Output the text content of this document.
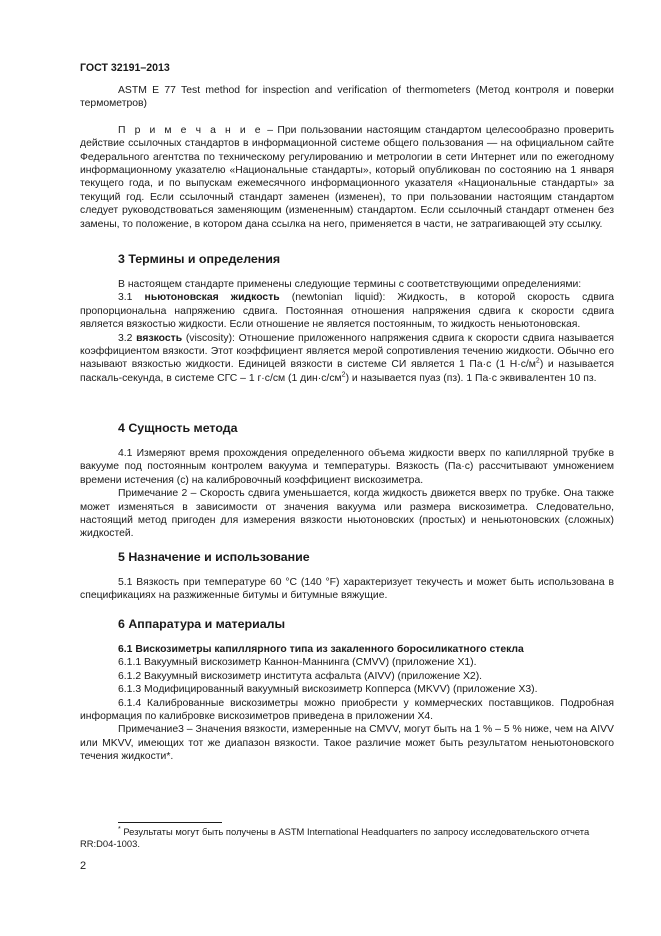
ГОСТ 32191–2013

ASTM E 77 Test method for inspection and verification of thermometers (Метод контроля и поверки термометров)

П р и м е ч а н и е – При пользовании настоящим стандартом целесообразно проверить действие ссылочных стандартов в информационной системе общего пользования — на официальном сайте Федерального агентства по техническому регулированию и метрологии в сети Интернет или по ежегодному информационному указателю «Национальные стандарты», который опубликован по состоянию на 1 января текущего года, и по выпускам ежемесячного информационного указателя «Национальные стандарты» за текущий год. Если ссылочный стандарт заменен (изменен), то при пользовании настоящим стандартом следует руководствоваться заменяющим (измененным) стандартом. Если ссылочный стандарт отменен без замены, то положение, в котором дана ссылка на него, применяется в части, не затрагивающей эту ссылку.

3 Термины и определения

В настоящем стандарте применены следующие термины с соответствующими определениями:

3.1 ньютоновская жидкость (newtonian liquid): Жидкость, в которой скорость сдвига пропорциональна напряжению сдвига. Постоянная отношения напряжения сдвига к скорости сдвига является вязкостью жидкости. Если отношение не является постоянным, то жидкость неньютоновская.

3.2 вязкость (viscosity): Отношение приложенного напряжения сдвига к скорости сдвига называется коэффициентом вязкости. Этот коэффициент является мерой сопротивления течению жидкости. Обычно его называют вязкостью жидкости. Единицей вязкости в системе СИ является 1 Па·с (1 $Н\cdot с/м^2$) и называется паскаль-секунда, в системе СГС – 1 г·с/см (1 $дин\cdot с/см^2$) и называется пуаз (пз). 1 Па·с эквивалентен 10 пз.

4 Сущность метода

4.1 Измеряют время прохождения определенного объема жидкости вверх по капиллярной трубке в вакууме под постоянным контролем вакуума и температуры. Вязкость (Па·с) рассчитывают умножением времени истечения (с) на калибровочный коэффициент вискозиметра.

Примечание 2 – Скорость сдвига уменьшается, когда жидкость движется вверх по трубке. Она также может изменяться в зависимости от значения вакуума или размера вискозиметра. Следовательно, настоящий метод пригоден для измерения вязкости ньютоновских (простых) и неньютоновских (сложных) жидкостей.

5 Назначение и использование

5.1 Вязкость при температуре 60 °С (140 °F) характеризует текучесть и может быть использована в спецификациях на разжиженные битумы и битумные вяжущие.

6 Аппаратура и материалы

6.1 Вискозиметры капиллярного типа из закаленного боросиликатного стекла

6.1.1 Вакуумный вискозиметр Каннон-Маннинга (CMVV) (приложение X1).

6.1.2 Вакуумный вискозиметр института асфальта (AIVV) (приложение X2).

6.1.3 Модифицированный вакуумный вискозиметр Копперса (MKVV) (приложение X3).

6.1.4 Калиброванные вискозиметры можно приобрести у коммерческих поставщиков. Подробная информация по калибровке вискозиметров приведена в приложении X4.

Примечание3 – Значения вязкости, измеренные на CMVV, могут быть на 1 % – 5 % ниже, чем на AIVV или MKVV, имеющих тот же диапазон вязкости. Такое различие может быть результатом неньютоновского течения жидкости*.

* Результаты могут быть получены в ASTM International Headquarters по запросу исследовательского отчета RR:D04-1003.
2
